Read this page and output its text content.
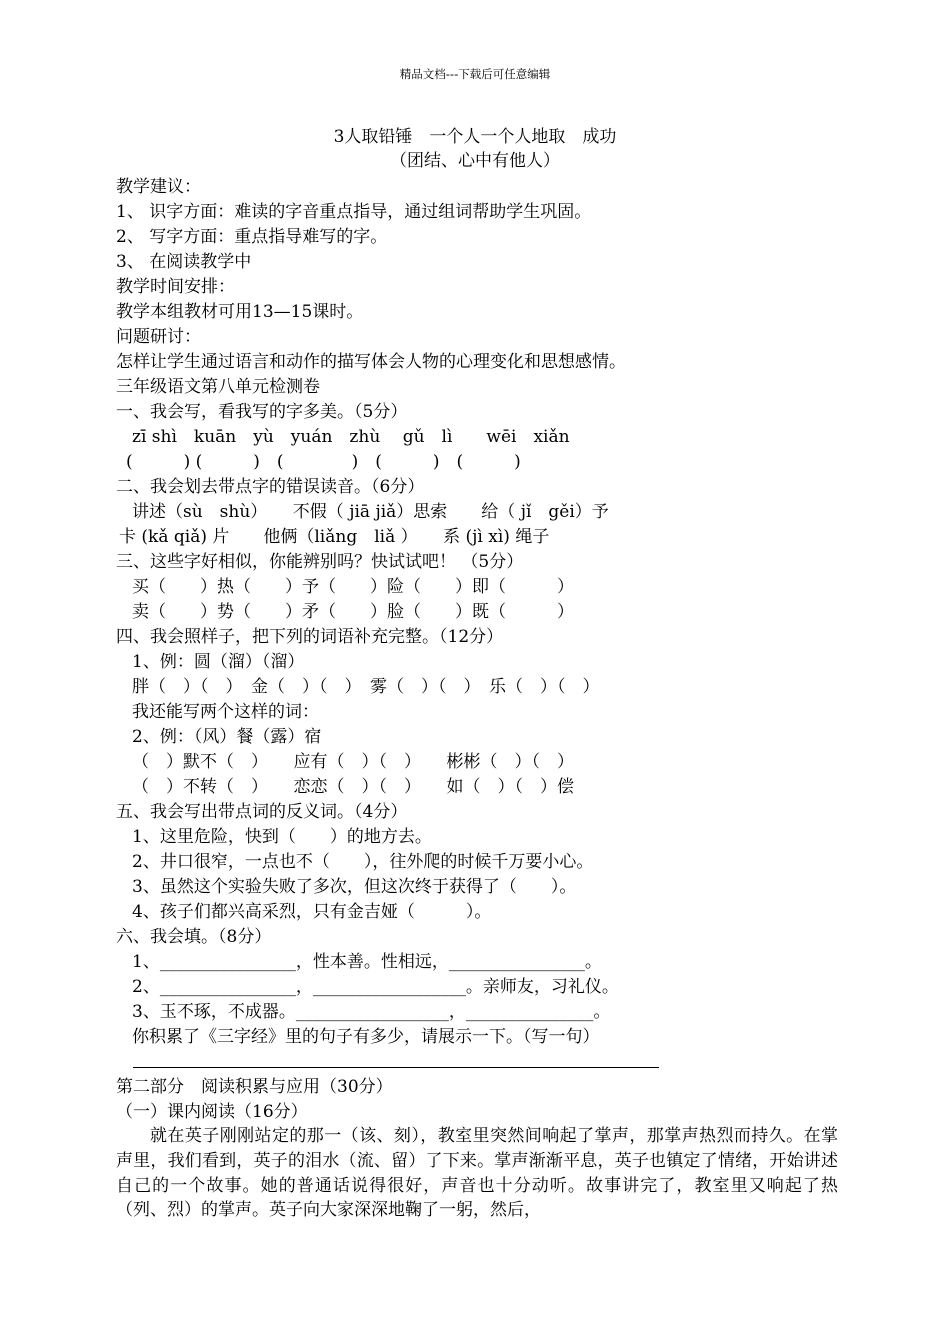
精品文档---下载后可任意编辑
3人取铅锤　一个人一个人地取　成功
（团结、心中有他人）
教学建议：
1、 识字方面：难读的字音重点指导，通过组词帮助学生巩固。
2、 写字方面：重点指导难写的字。
3、 在阅读教学中
教学时间安排：
教学本组教材可用13—15课时。
问题研讨：
怎样让学生通过语言和动作的描写体会人物的心理变化和思想感情。
三年级语文第八单元检测卷
一、我会写，看我写的字多美。（5分）
zī shì　kuān　yù　yuán　zhù　 gǔ　lì　　wēi　xiǎn
(　　　) (　　　)　(　　　　)　(　　　)　(　　　)
二、我会划去带点字的错误读音。（6分）
讲述（sù　shù）　　不假（ jiā jiǎ）思索　　给（ jǐ　gěi）予
卡 (kǎ qiǎ) 片　　他俩（liǎng　liǎ ）　　系 (jì xì) 绳子
三、这些字好相似，你能辨别吗？快试试吧！ （5分）
买（　　）热（　　）予（　　）险（　　）即（　　　）
卖（　　）势（　　）矛（　　）脸（　　）既（　　　）
四、我会照样子，把下列的词语补充完整。（12分）
1、例：圆（溜）（溜）
胖（　）（　）　金（　）（　）　雾（　）（　）　乐（　）（　）
我还能写两个这样的词：
2、例：（风）餐（露）宿
（　）默不（　）　　应有（　）（　）　　彬彬（　）（　）
（　）不转（　）　　恋恋（　）（　）　　如（　）（　）偿
五、我会写出带点词的反义词。（4分）
1、这里危险，快到（　　）的地方去。
2、井口很窄，一点也不（　　），往外爬的时候千万要小心。
3、虽然这个实验失败了多次，但这次终于获得了（　　）。
4、孩子们都兴高采烈，只有金吉娅（　　　）。
六、我会填。（8分）
1、________________，性本善。性相远，________________。
2、________________，__________________。亲师友，习礼仪。
3、玉不琢，不成器。__________________，_______________。
你积累了《三字经》里的句子有多少，请展示一下。（写一句）
第二部分　阅读积累与应用（30分）
（一）课内阅读（16分）
就在英子刚刚站定的那一（该、刻），教室里突然间响起了掌声，那掌声热烈而持久。在掌声里，我们看到，英子的泪水（流、留）了下来。掌声渐渐平息，英子也镇定了情绪，开始讲述自己的一个故事。她的普通话说得很好，声音也十分动听。故事讲完了，教室里又响起了热（列、烈）的掌声。英子向大家深深地鞠了一躬，然后，
